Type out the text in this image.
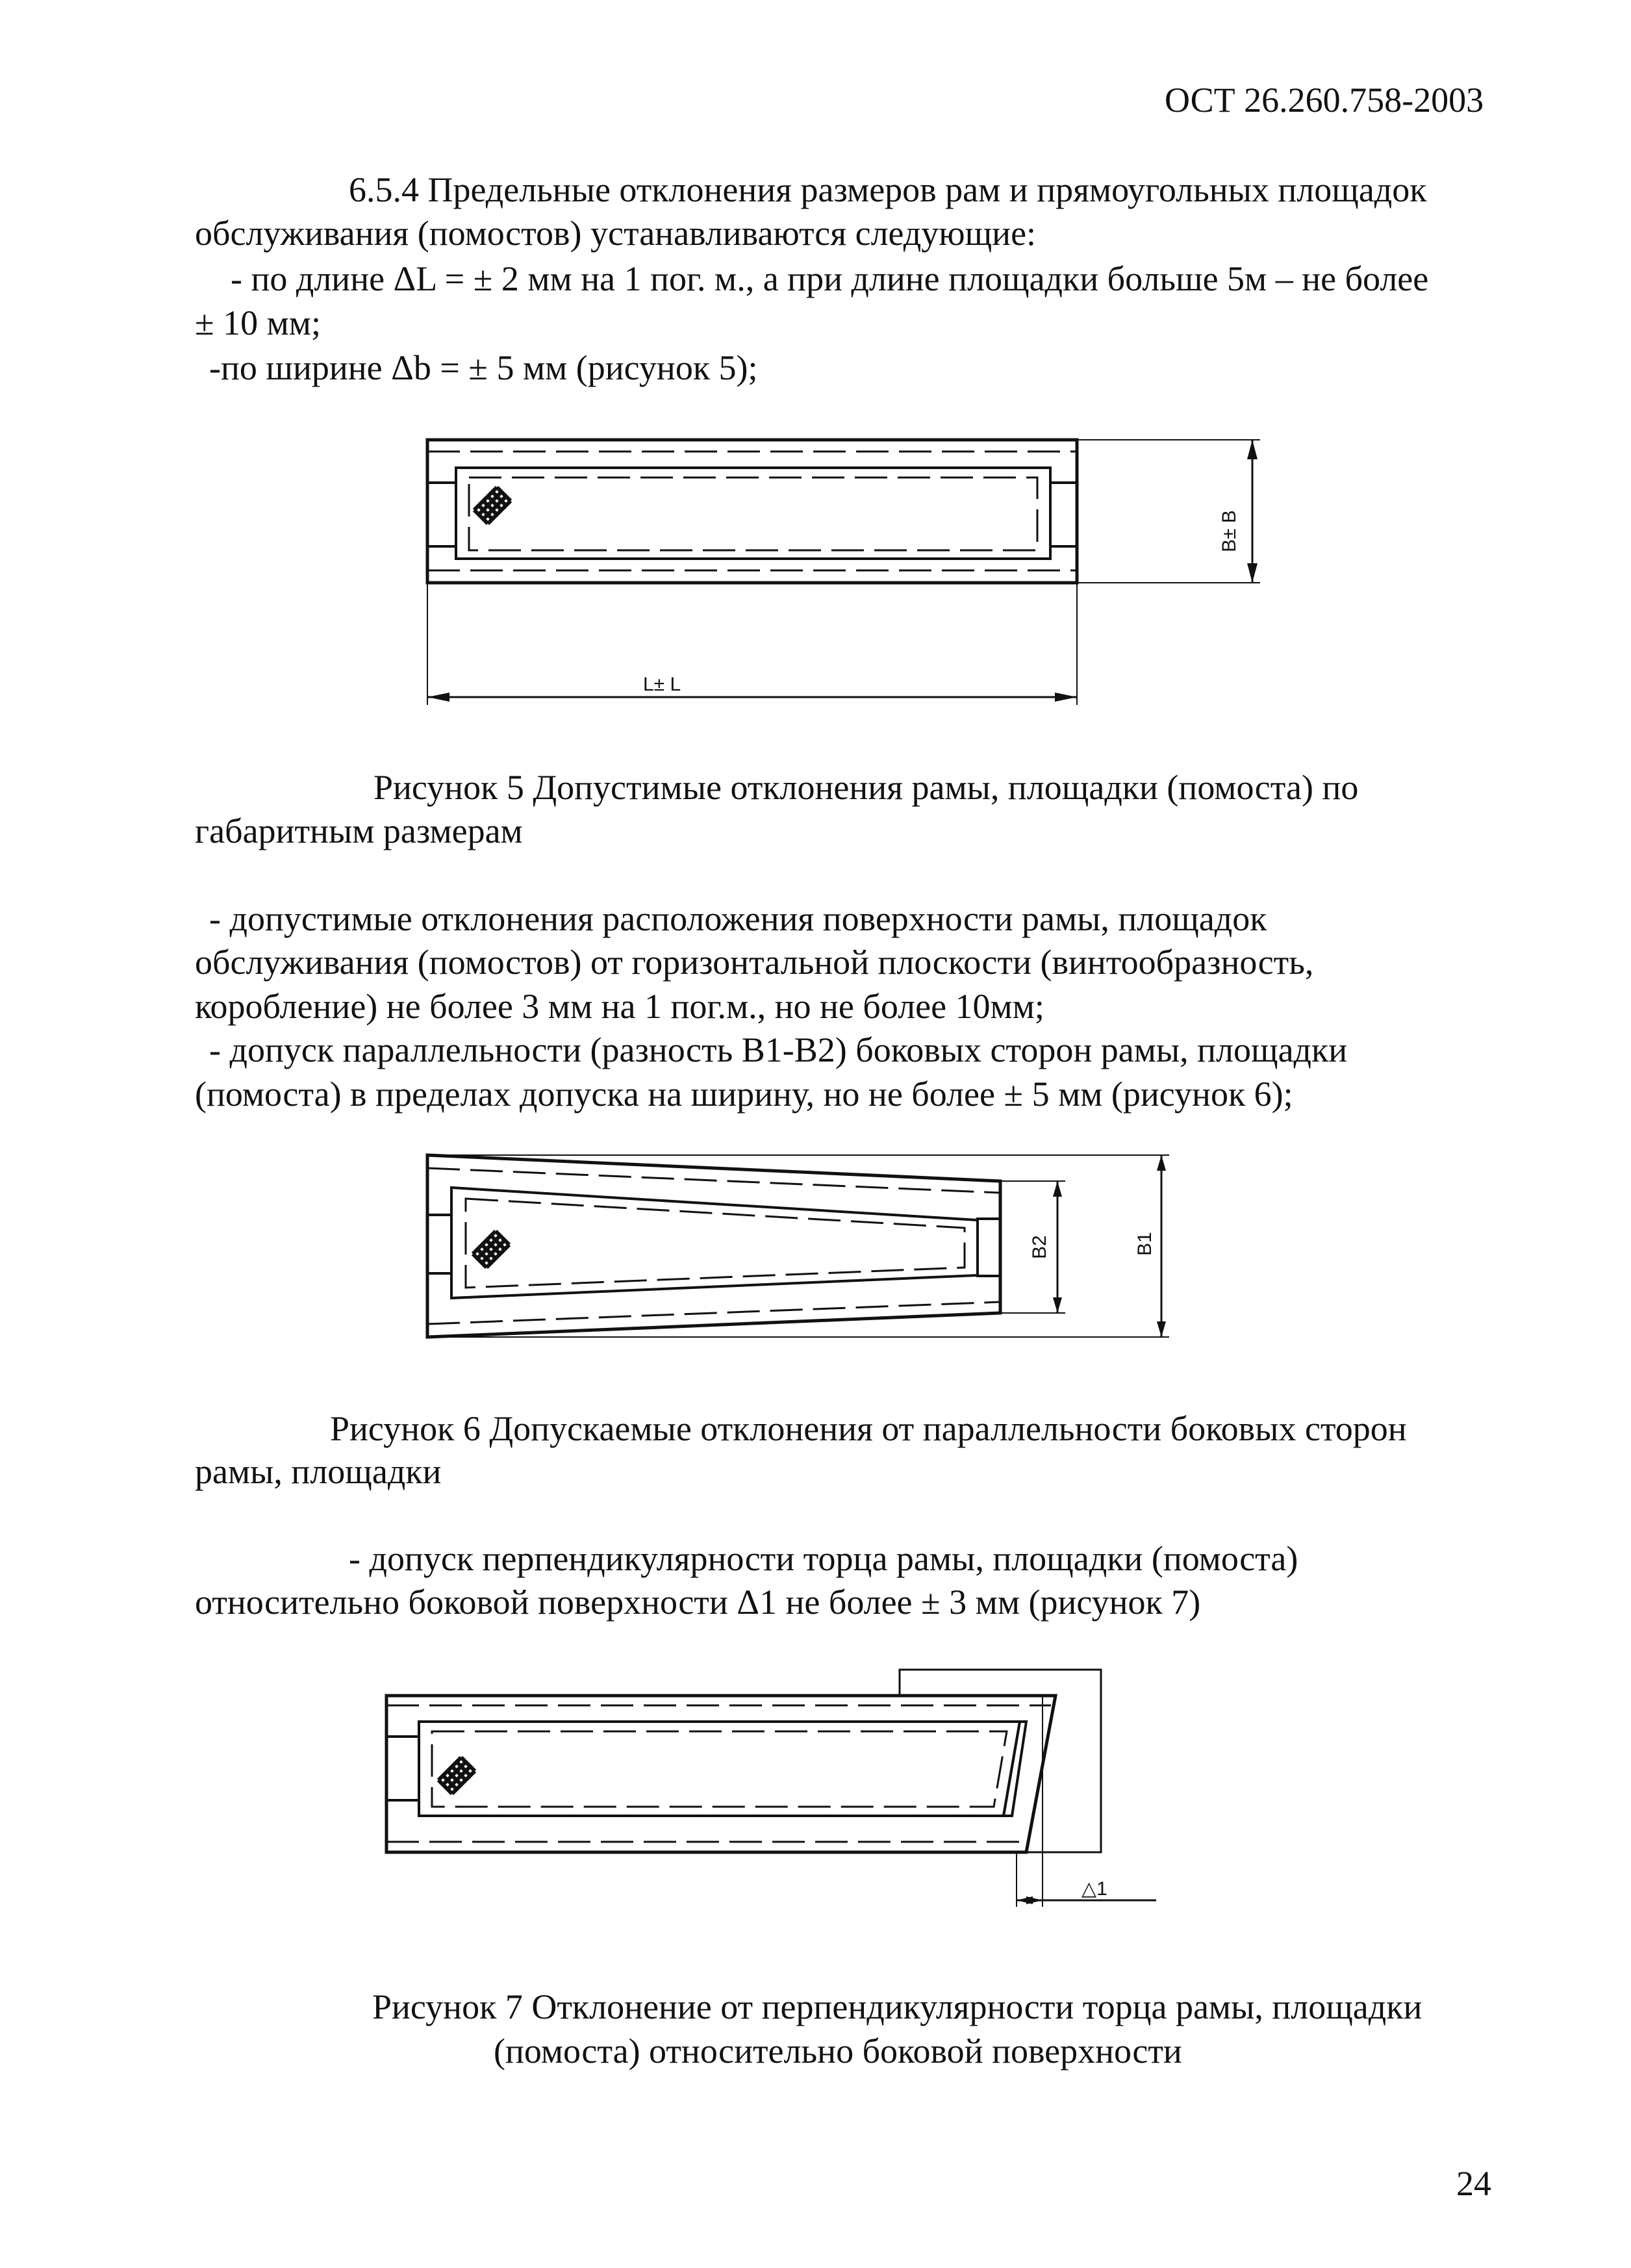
ОСТ 26.260.758-2003

6.5.4 Предельные отклонения размеров рам и прямоугольных площадок

обслуживания (помостов) устанавливаются следующие:

- по длине ΔL = ± 2 мм на 1 пог. м., а при длине площадки больше 5м – не более

± 10 мм;

-по ширине Δb = ± 5 мм (рисунок 5);

L± L
B± B

Рисунок 5 Допустимые отклонения рамы, площадки (помоста) по

габаритным размерам

- допустимые отклонения расположения поверхности рамы, площадок

обслуживания (помостов) от горизонтальной плоскости (винтообразность,

коробление) не более 3 мм на 1 пог.м., но не более 10мм;

- допуск параллельности (разность B1-B2) боковых сторон рамы, площадки

(помоста) в пределах допуска на ширину, но не более ± 5 мм (рисунок 6);

B2	B1

Рисунок 6 Допускаемые отклонения от параллельности боковых сторон

рамы, площадки

- допуск перпендикулярности торца рамы, площадки (помоста)

относительно боковой поверхности Δ1 не более ± 3 мм (рисунок 7)

△1

Рисунок 7 Отклонение от перпендикулярности торца рамы, площадки

(помоста) относительно боковой поверхности

24
